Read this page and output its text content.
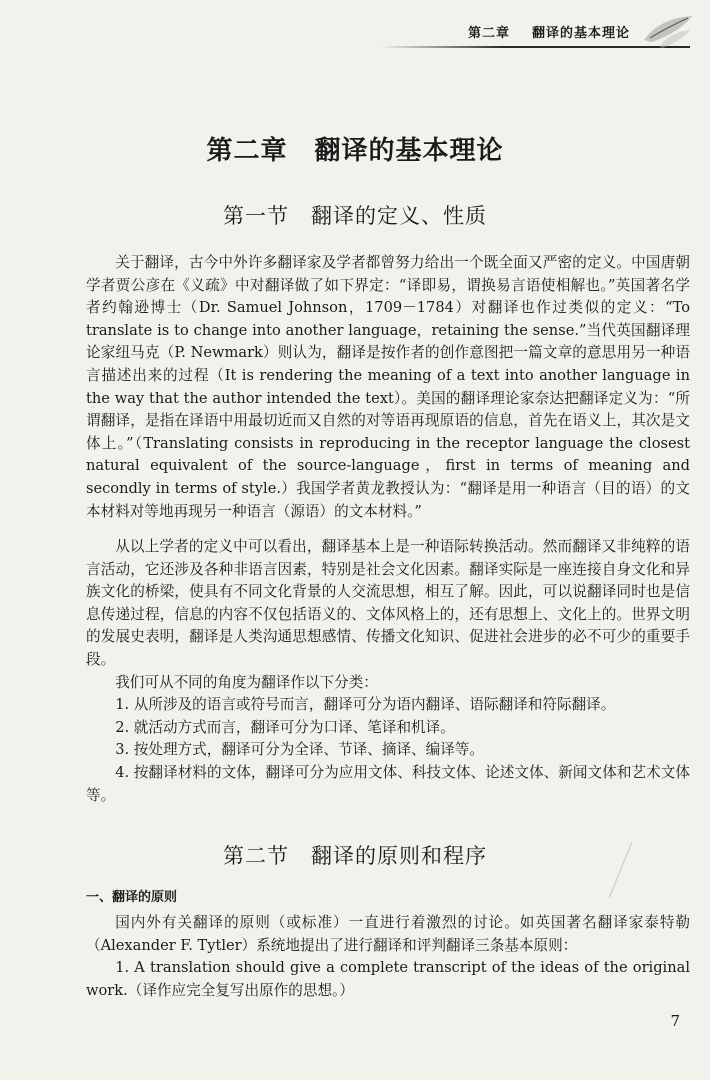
第二章 翻译的基本理论
第二章　翻译的基本理论
第一节　翻译的定义、性质

关于翻译，古今中外许多翻译家及学者都曾努力给出一个既全面又严密的定义。中国唐朝学者贾公彦在《义疏》中对翻译做了如下界定：“译即易，谓换易言语使相解也。”英国著名学者约翰逊博士（Dr. Samuel Johnson，1709－1784）对翻译也作过类似的定义：“To translate is to change into another language，retaining the sense.”当代英国翻译理论家纽马克（P. Newmark）则认为，翻译是按作者的创作意图把一篇文章的意思用另一种语言描述出来的过程（It is rendering the meaning of a text into another language in the way that the author intended the text）。美国的翻译理论家奈达把翻译定义为：“所谓翻译，是指在译语中用最切近而又自然的对等语再现原语的信息，首先在语义上，其次是文体上。”（Translating consists in reproducing in the receptor language the closest natural equivalent of the source-language，first in terms of meaning and secondly in terms of style.）我国学者黄龙教授认为：“翻译是用一种语言（目的语）的文本材料对等地再现另一种语言（源语）的文本材料。”

从以上学者的定义中可以看出，翻译基本上是一种语际转换活动。然而翻译又非纯粹的语言活动，它还涉及各种非语言因素，特别是社会文化因素。翻译实际是一座连接自身文化和异族文化的桥梁，使具有不同文化背景的人交流思想，相互了解。因此，可以说翻译同时也是信息传递过程，信息的内容不仅包括语义的、文体风格上的，还有思想上、文化上的。世界文明的发展史表明，翻译是人类沟通思想感情、传播文化知识、促进社会进步的必不可少的重要手段。

我们可从不同的角度为翻译作以下分类：

1. 从所涉及的语言或符号而言，翻译可分为语内翻译、语际翻译和符际翻译。

2. 就活动方式而言，翻译可分为口译、笔译和机译。

3. 按处理方式，翻译可分为全译、节译、摘译、编译等。

4. 按翻译材料的文体，翻译可分为应用文体、科技文体、论述文体、新闻文体和艺术文体等。

第二节　翻译的原则和程序
一、翻译的原则

国内外有关翻译的原则（或标准）一直进行着激烈的讨论。如英国著名翻译家泰特勒（Alexander F. Tytler）系统地提出了进行翻译和评判翻译三条基本原则：

1. A translation should give a complete transcript of the ideas of the original work.（译作应完全复写出原作的思想。）

7
